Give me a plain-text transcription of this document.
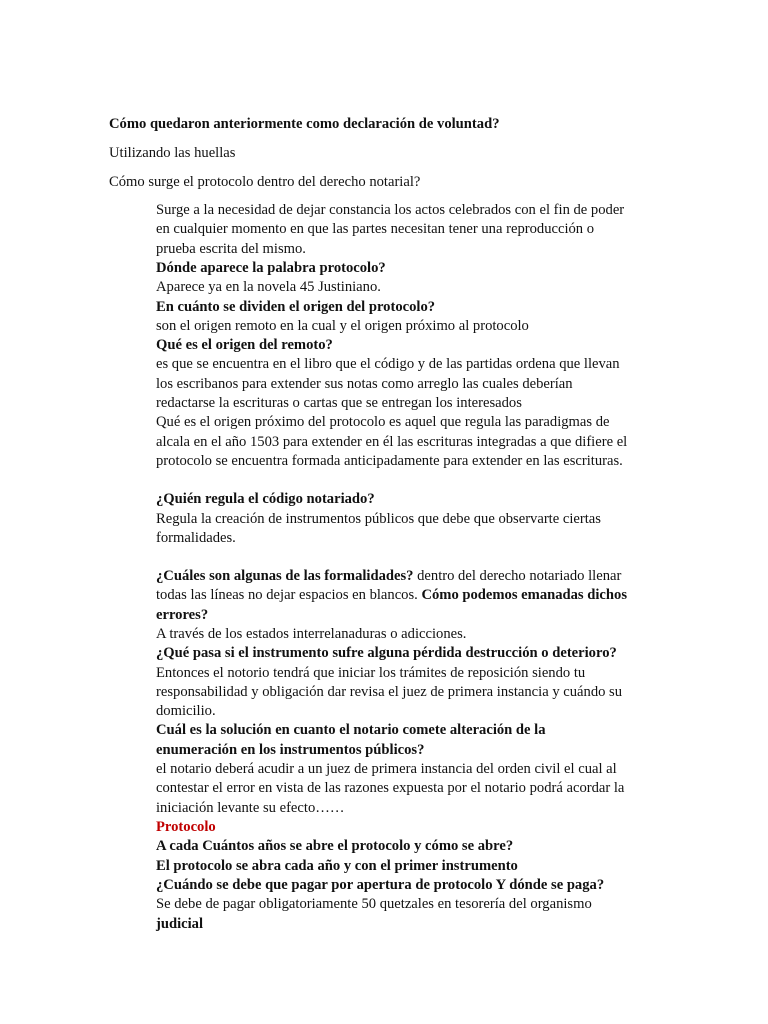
Cómo quedaron anteriormente como declaración de voluntad?

Utilizando las huellas

Cómo surge el protocolo dentro del derecho notarial?

Surge a la necesidad de dejar constancia los actos celebrados con el fin de poder

en cualquier momento en que las partes necesitan tener una reproducción o

prueba escrita del mismo.

Dónde aparece la palabra protocolo?

Aparece ya en la novela 45 Justiniano.

En cuánto se dividen el origen del protocolo?

son el origen remoto en la cual y el origen próximo al protocolo

Qué es el origen del remoto?

es que se encuentra en el libro que el código y de las partidas ordena que llevan

los escribanos para extender sus notas como arreglo las cuales deberían

redactarse la escrituras o cartas que se entregan los interesados

Qué es el origen próximo del protocolo es aquel que regula las paradigmas de

alcala en el año 1503 para extender en él las escrituras integradas a que difiere el

protocolo se encuentra formada anticipadamente para extender en las escrituras.

¿Quién regula el código notariado?

Regula la creación de instrumentos públicos que debe que observarte ciertas

formalidades.

¿Cuáles son algunas de las formalidades? dentro del derecho notariado llenar

todas las líneas no dejar espacios en blancos. Cómo podemos emanadas dichos

errores?

A través de los estados interrelanaduras o adicciones.

¿Qué pasa si el instrumento sufre alguna pérdida destrucción o deterioro?

Entonces el notorio tendrá que iniciar los trámites de reposición siendo tu

responsabilidad y obligación dar revisa el juez de primera instancia y cuándo su

domicilio.

Cuál es la solución en cuanto el notario comete alteración de la

enumeración en los instrumentos públicos?

el notario deberá acudir a un juez de primera instancia del orden civil el cual al

contestar el error en vista de las razones expuesta por el notario podrá acordar la

iniciación levante su efecto……

Protocolo

A cada Cuántos años se abre el protocolo y cómo se abre?

El protocolo se abra cada año y con el primer instrumento

¿Cuándo se debe que pagar por apertura de protocolo Y dónde se paga?

Se debe de pagar obligatoriamente 50 quetzales en tesorería del organismo

judicial
